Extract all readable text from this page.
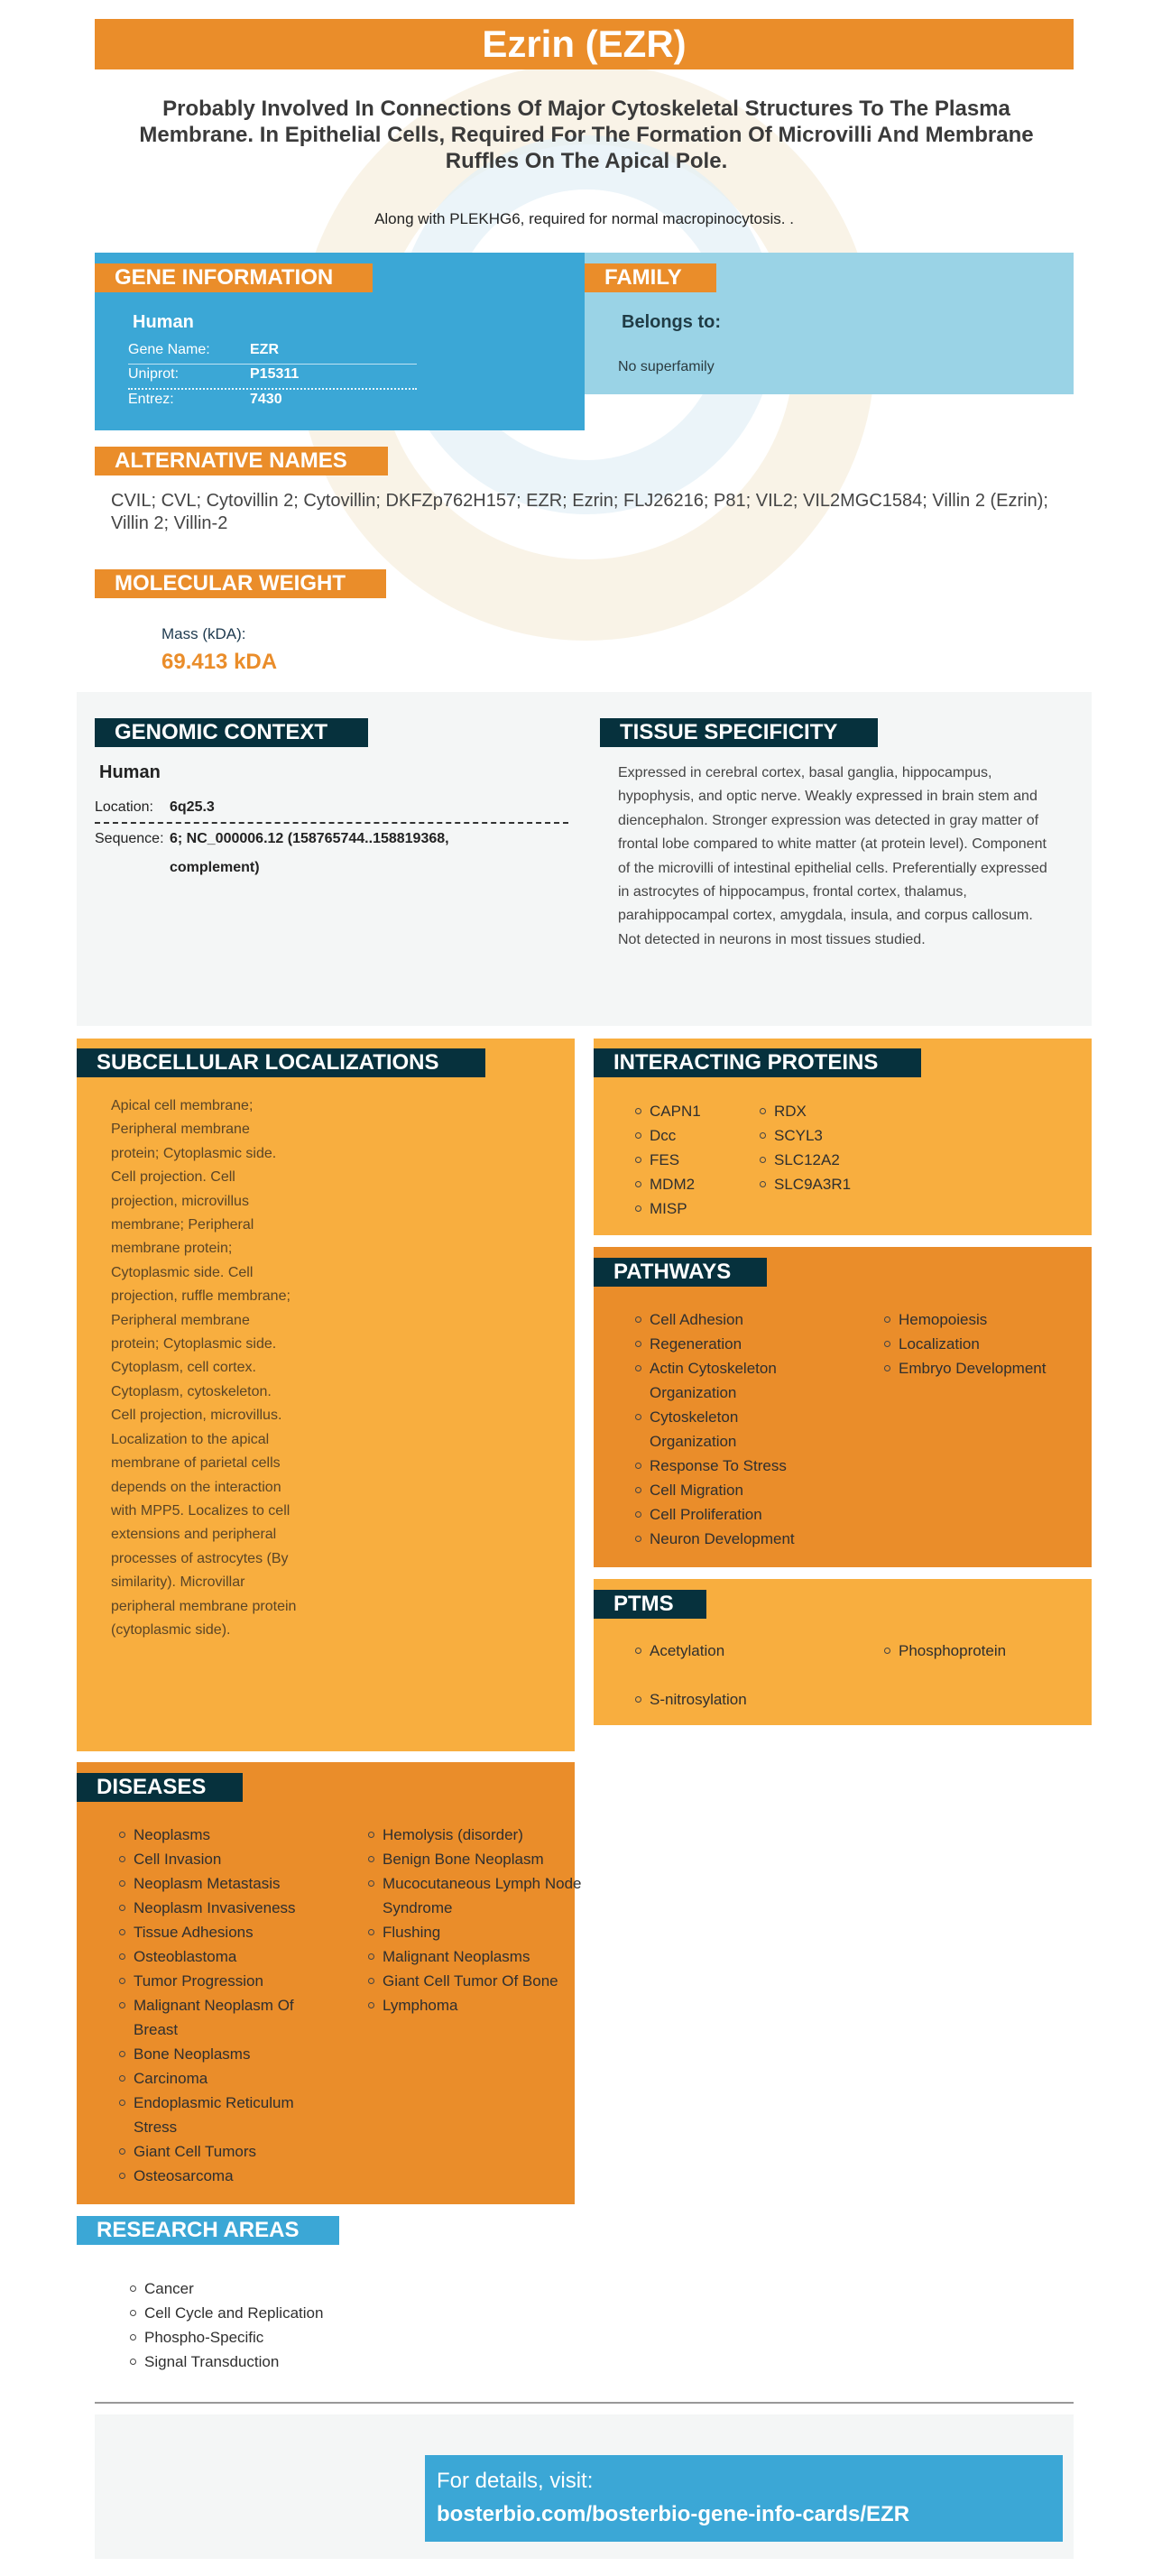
Ezrin (EZR)
Probably Involved In Connections Of Major Cytoskeletal Structures To The Plasma Membrane. In Epithelial Cells, Required For The Formation Of Microvilli And Membrane Ruffles On The Apical Pole.
Along with PLEKHG6, required for normal macropinocytosis. .
GENE INFORMATION
Human
Gene Name:	EZR
Uniprot:	P15311
Entrez:	7430
FAMILY
Belongs to:
No superfamily
ALTERNATIVE NAMES
CVIL; CVL; Cytovillin 2; Cytovillin; DKFZp762H157; EZR; Ezrin; FLJ26216; P81; VIL2; VIL2MGC1584; Villin 2 (Ezrin); Villin 2; Villin-2
MOLECULAR WEIGHT
Mass (kDA):
69.413 kDA
GENOMIC CONTEXT
Human
Location: 6q25.3
Sequence: 6; NC_000006.12 (158765744..158819368,
complement)
TISSUE SPECIFICITY
Expressed in cerebral cortex, basal ganglia, hippocampus, hypophysis, and optic nerve. Weakly expressed in brain stem and diencephalon. Stronger expression was detected in gray matter of frontal lobe compared to white matter (at protein level). Component of the microvilli of intestinal epithelial cells. Preferentially expressed in astrocytes of hippocampus, frontal cortex, thalamus, parahippocampal cortex, amygdala, insula, and corpus callosum. Not detected in neurons in most tissues studied.
SUBCELLULAR LOCALIZATIONS
Apical cell membrane; Peripheral membrane protein; Cytoplasmic side. Cell projection. Cell projection, microvillus membrane; Peripheral membrane protein; Cytoplasmic side. Cell projection, ruffle membrane; Peripheral membrane protein; Cytoplasmic side. Cytoplasm, cell cortex. Cytoplasm, cytoskeleton. Cell projection, microvillus. Localization to the apical membrane of parietal cells depends on the interaction with MPP5. Localizes to cell extensions and peripheral processes of astrocytes (By similarity). Microvillar peripheral membrane protein (cytoplasmic side).
INTERACTING PROTEINS
CAPN1
Dcc
FES
MDM2
MISP
RDX
SCYL3
SLC12A2
SLC9A3R1
PATHWAYS
Cell Adhesion
Regeneration
Actin Cytoskeleton Organization
Cytoskeleton Organization
Response To Stress
Cell Migration
Cell Proliferation
Neuron Development
Hemopoiesis
Localization
Embryo Development
PTMS
Acetylation
S-nitrosylation
Phosphoprotein
DISEASES
Neoplasms
Cell Invasion
Neoplasm Metastasis
Neoplasm Invasiveness
Tissue Adhesions
Osteoblastoma
Tumor Progression
Malignant Neoplasm Of Breast
Bone Neoplasms
Carcinoma
Endoplasmic Reticulum Stress
Giant Cell Tumors
Osteosarcoma
Hemolysis (disorder)
Benign Bone Neoplasm
Mucocutaneous Lymph Node Syndrome
Flushing
Malignant Neoplasms
Giant Cell Tumor Of Bone
Lymphoma
RESEARCH AREAS
Cancer
Cell Cycle and Replication
Phospho-Specific
Signal Transduction
For details, visit:
bosterbio.com/bosterbio-gene-info-cards/EZR
